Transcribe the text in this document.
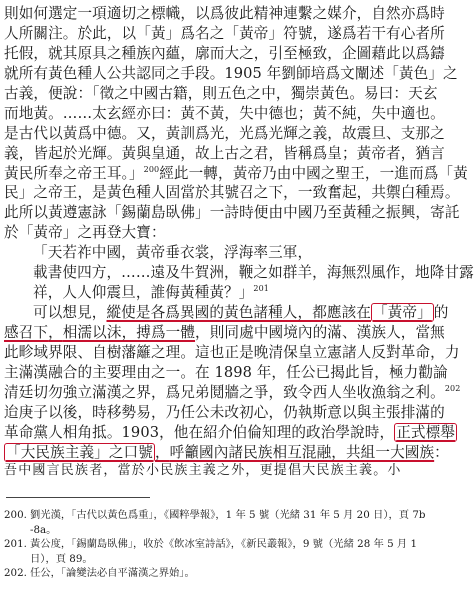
則如何選定一項適切之標幟，以爲彼此精神連繫之媒介，自然亦爲時
人所關注。於此，以「黃」爲名之「黃帝」符號，遂爲若干有心者所
托假，就其原具之種族內蘊，廓而大之，引至極致，企圖藉此以爲鑄
就所有黃色種人公共認同之手段。1905 年劉師培爲文闡述「黃色」之
古義，便說：「徵之中國古籍，則五色之中，獨崇黃色。易曰：天玄
而地黃。……太玄經亦曰：黃不黃，失中德也；黃不純，失中適也。
是古代以黃爲中德。又，黃訓爲光，光爲光輝之義，故震旦、支那之
義，皆起於光輝。黃與皇通，故上古之君，皆稱爲皇；黃帝者，猶言
黃民所奉之帝王耳。」$^{200}$經此一轉，黃帝乃由中國之聖王，一進而爲「黃
民」之帝王，是黃色種人固當於其號召之下，一致奮起，共禦白種焉。
此所以黃遵憲詠「錫蘭島臥佛」一詩時便由中國乃至黃種之振興，寄託
於「黃帝」之再登大寶：
「天若祚中國，黃帝垂衣裳，浮海率三軍，
載書使四方，……遠及牛賀洲，鞭之如群羊，海無烈風作，地降甘露
祥，人人仰震旦，誰侮黃種黃？」$^{201}$
可以想見，縱使是各爲異國的黃色諸種人，都應該在 「黃帝」 的
感召下，相濡以沫，搏爲一體，則同處中國境內的滿、漢族人，當無
此畛域界限、自樹藩籬之理。這也正是晚清保皇立憲諸人反對革命，力
主滿漢融合的主要理由之一。在 1898 年，任公已揭此旨，極力勸論
清廷切勿強立滿漢之界，爲兄弟鬩牆之爭，致令西人坐收漁翁之利。$^{202}$
迨庚子以後，時移勢易，乃任公未改初心，仍執斯意以與主張排滿的
革命黨人相角抵。1903，他在紹介伯倫知理的政治學說時， 正式標舉
「大民族主義」之口號 ，呼籲國內諸民族相互混融，共組一大國族：
吾中國言民族者，當於小民族主義之外，更提倡大民族主義。小
200. 劉光漢，「古代以黃色爲重」，《國粹學報》，1 年 5 號（光緒 31 年 5 月 20 日），頁 7b
-8a。
201. 黃公度，「錫蘭島臥佛」，收於《飲冰室詩話》，《新民叢報》，9 號（光緒 28 年 5 月 1
日），頁 89。
202. 任公，「論變法必自平滿漢之界始」。
